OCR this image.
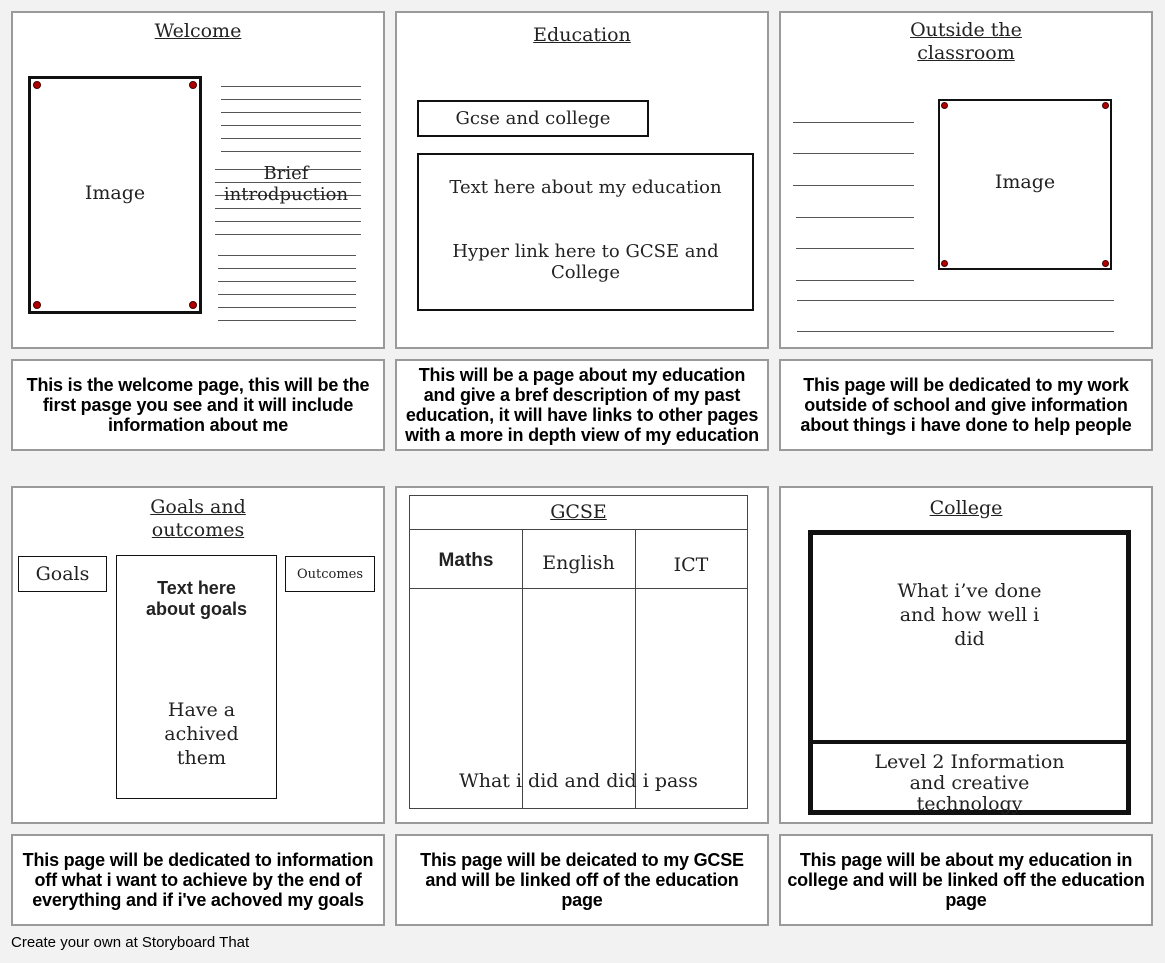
Welcome
Image
Brief introdpuction
Education
Gcse and college
Text here about my education
Hyper link here to GCSE and College
Outside the classroom
Image
This is the welcome page, this will be the first pasge you see and it will include information about me
This will be a page about my education and give a bref description of my past education, it will have links to other pages with a more in depth view of my education
This page will be dedicated to my work outside of school and give information about things i have done to help people
Goals and outcomes
Goals	Outcomes
Text here about goals
Have a achived them
GCSE
Maths	English	ICT
What i did and did i pass
College
What i’ve done and how well i did
Level 2 Information and creative technology
This page will be dedicated to information off what i want to achieve by the end of everything and if i've achoved my goals
This page will be deicated to my GCSE and will be linked off of the education page
This page will be about my education in college and will be linked off the education page
Create your own at Storyboard That
